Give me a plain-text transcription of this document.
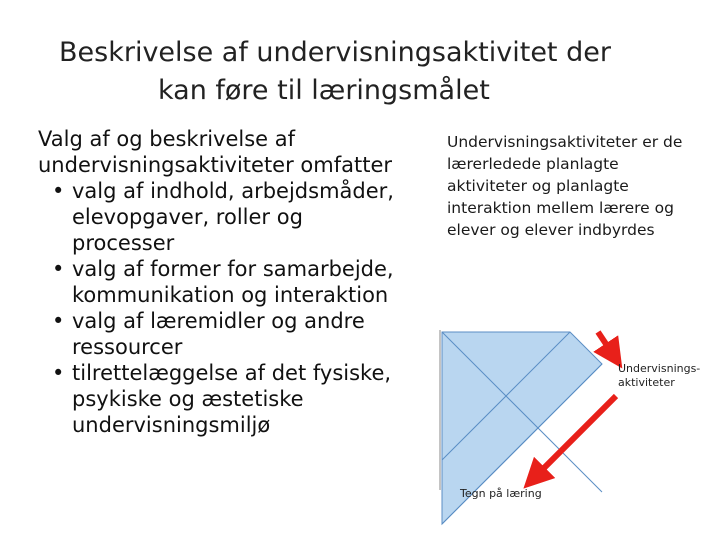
Beskrivelse af undervisningsaktivitet der
kan føre til læringsmålet
Valg af og beskrivelse af
undervisningsaktiviteter omfatter
• valg af indhold, arbejdsmåder,
elevopgaver, roller og
processer
• valg af former for samarbejde,
kommunikation og interaktion
• valg af læremidler og andre
ressourcer
• tilrettelæggelse af det fysiske,
psykiske og æstetiske
undervisningsmiljø
Undervisningsaktiviteter er de
lærerledede planlagte
aktiviteter og planlagte
interaktion mellem lærere og
elever og elever indbyrdes
Undervisnings-
aktiviteter
Tegn på læring
